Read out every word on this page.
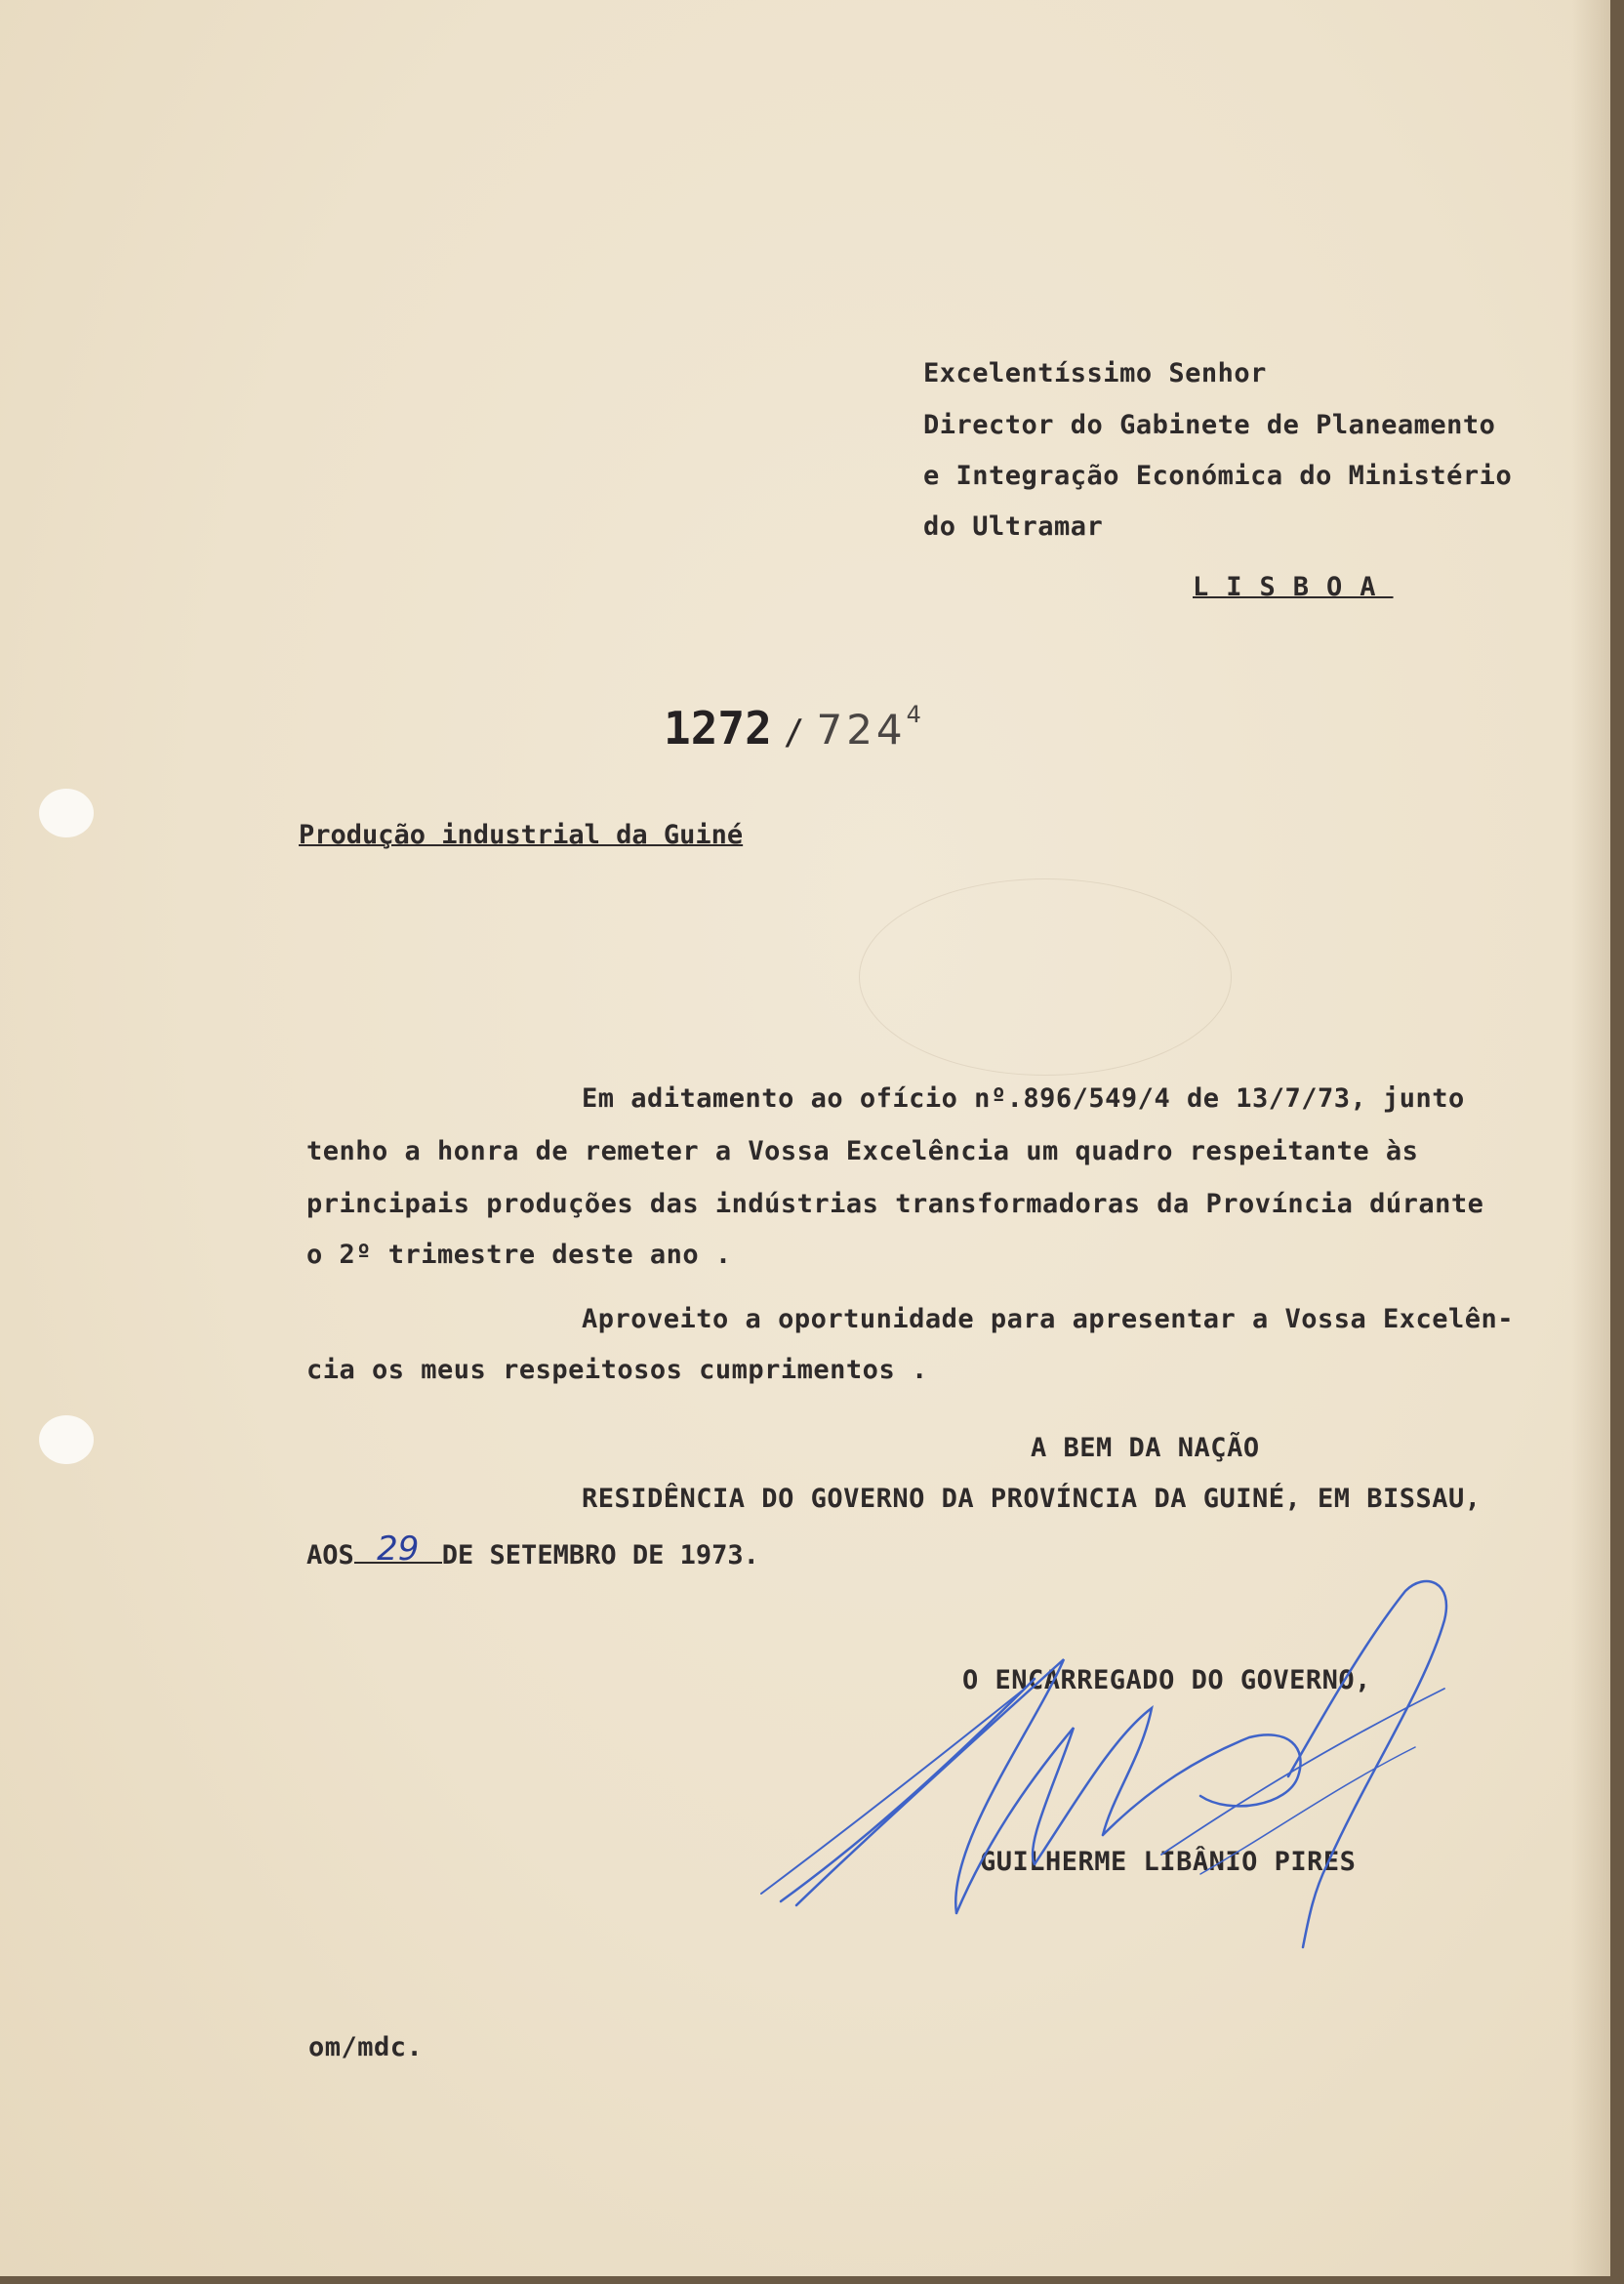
Excelentíssimo Senhor
Director do Gabinete de Planeamento
e Integração Económica do Ministério
do Ultramar
LISBOA
1272 / 7244
Produção industrial da Guiné
Em aditamento ao ofício nº.896/549/4 de 13/7/73, junto
tenho a honra de remeter a Vossa Excelência um quadro respeitante às
principais produções das indústrias transformadoras da Província dúrante
o 2º trimestre deste ano .
Aproveito a oportunidade para apresentar a Vossa Excelên-
cia os meus respeitosos cumprimentos .
A BEM DA NAÇÃO
RESIDÊNCIA DO GOVERNO DA PROVÍNCIA DA GUINÉ, EM BISSAU,
AOS 29 DE SETEMBRO DE 1973.
O ENCARREGADO DO GOVERNO,
GUILHERME LIBÂNIO PIRES
om/mdc.
